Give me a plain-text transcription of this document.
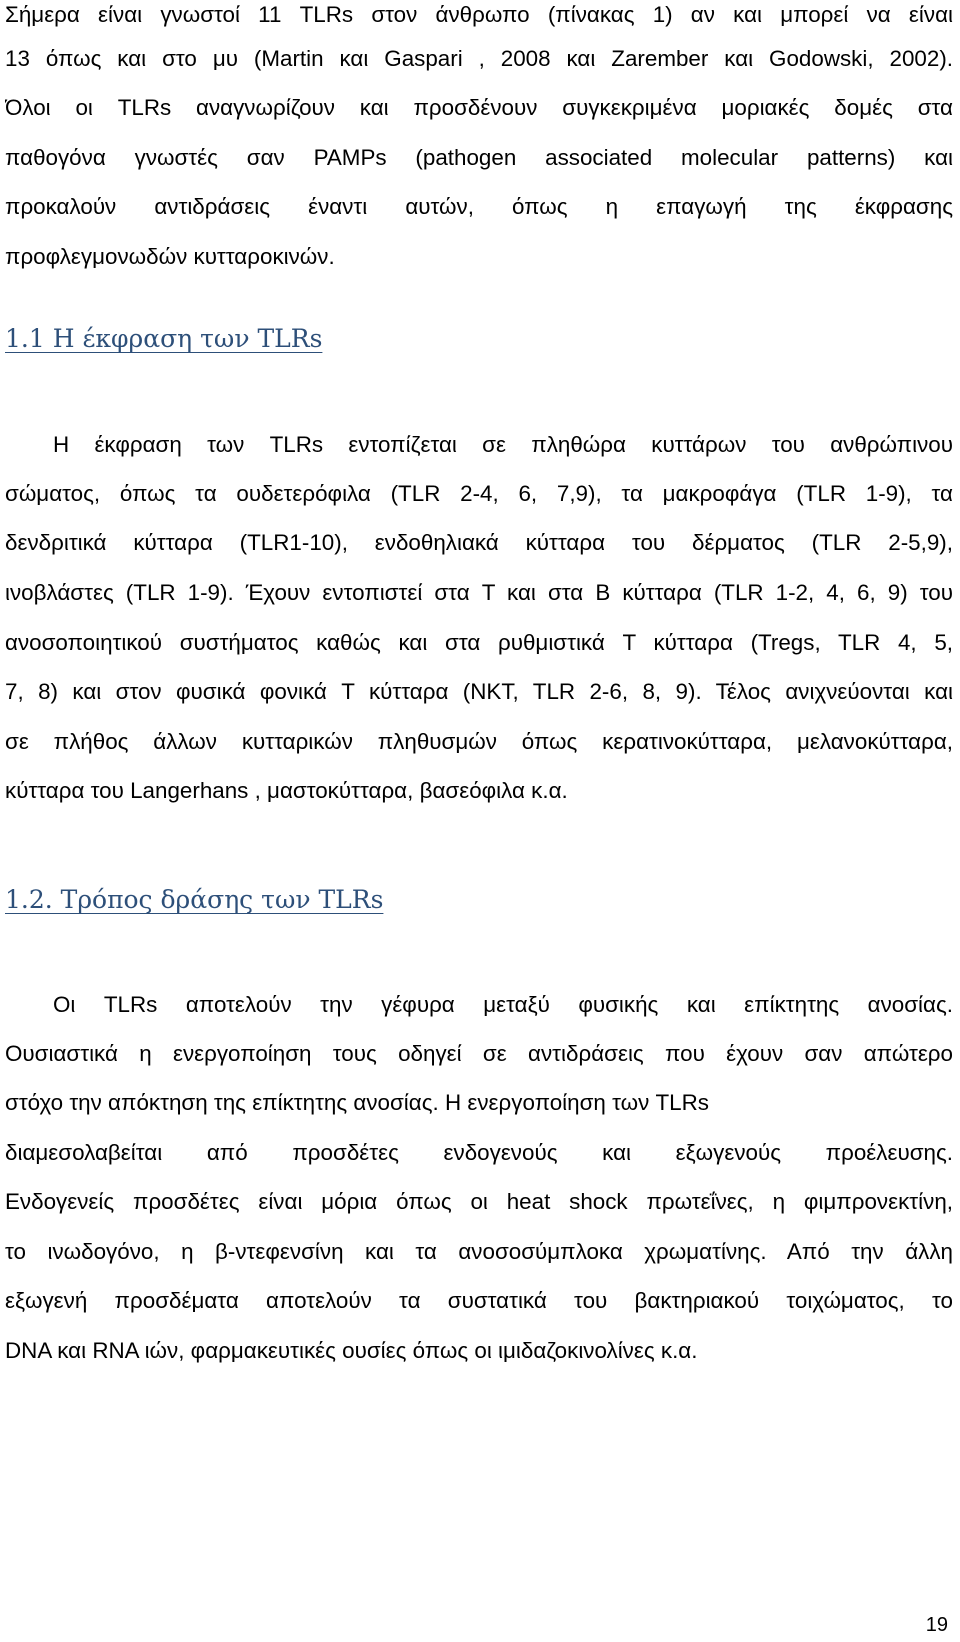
Σήμερα είναι γνωστοί 11 TLRs στον άνθρωπο (πίνακας 1) αν και μπορεί να είναι
13 όπως και στο μυ (Martin και Gaspari , 2008 και Zarember και Godowski, 2002).
Όλοι οι TLRs αναγνωρίζουν και προσδένουν συγκεκριμένα μοριακές δομές στα
παθογόνα γνωστές σαν PAMPs (pathogen associated molecular patterns) και
προκαλούν αντιδράσεις έναντι αυτών, όπως η επαγωγή της έκφρασης
προφλεγμονωδών κυτταροκινών.
1.1 Η έκφραση των TLRs
Η έκφραση των TLRs εντοπίζεται σε πληθώρα κυττάρων του ανθρώπινου
σώματος, όπως τα ουδετερόφιλα (TLR 2-4, 6, 7,9), τα μακροφάγα (TLR 1-9), τα
δενδριτικά κύτταρα (TLR1-10), ενδοθηλιακά κύτταρα του δέρματος (TLR 2-5,9),
ινοβλάστες (TLR 1-9). Έχουν εντοπιστεί στα T και στα B κύτταρα (TLR 1-2, 4, 6, 9) του
ανοσοποιητικού συστήματος καθώς και στα ρυθμιστικά T κύτταρα (Tregs, TLR 4, 5,
7, 8) και στον φυσικά φονικά T κύτταρα (NKT, TLR 2-6, 8, 9). Τέλος ανιχνεύονται και
σε πλήθος άλλων κυτταρικών πληθυσμών όπως κερατινοκύτταρα, μελανοκύτταρα,
κύτταρα του Langerhans , μαστοκύτταρα, βασεόφιλα κ.α.
1.2. Τρόπος δράσης των TLRs
Οι TLRs αποτελούν την γέφυρα μεταξύ φυσικής και επίκτητης ανοσίας.
Ουσιαστικά η ενεργοποίηση τους οδηγεί σε αντιδράσεις που έχουν σαν απώτερο
στόχο την απόκτηση της επίκτητης ανοσίας. Η ενεργοποίηση των TLRs
διαμεσολαβείται από προσδέτες ενδογενούς και εξωγενούς προέλευσης.
Ενδογενείς προσδέτες είναι μόρια όπως οι heat shock πρωτεΐνες, η φιμπρονεκτίνη,
το ινωδογόνο, η β-ντεφενσίνη και τα ανοσοσύμπλοκα χρωματίνης. Από την άλλη
εξωγενή προσδέματα αποτελούν τα συστατικά του βακτηριακού τοιχώματος, το
DNA και RNA ιών, φαρμακευτικές ουσίες όπως οι ιμιδαζοκινολίνες κ.α.
19
